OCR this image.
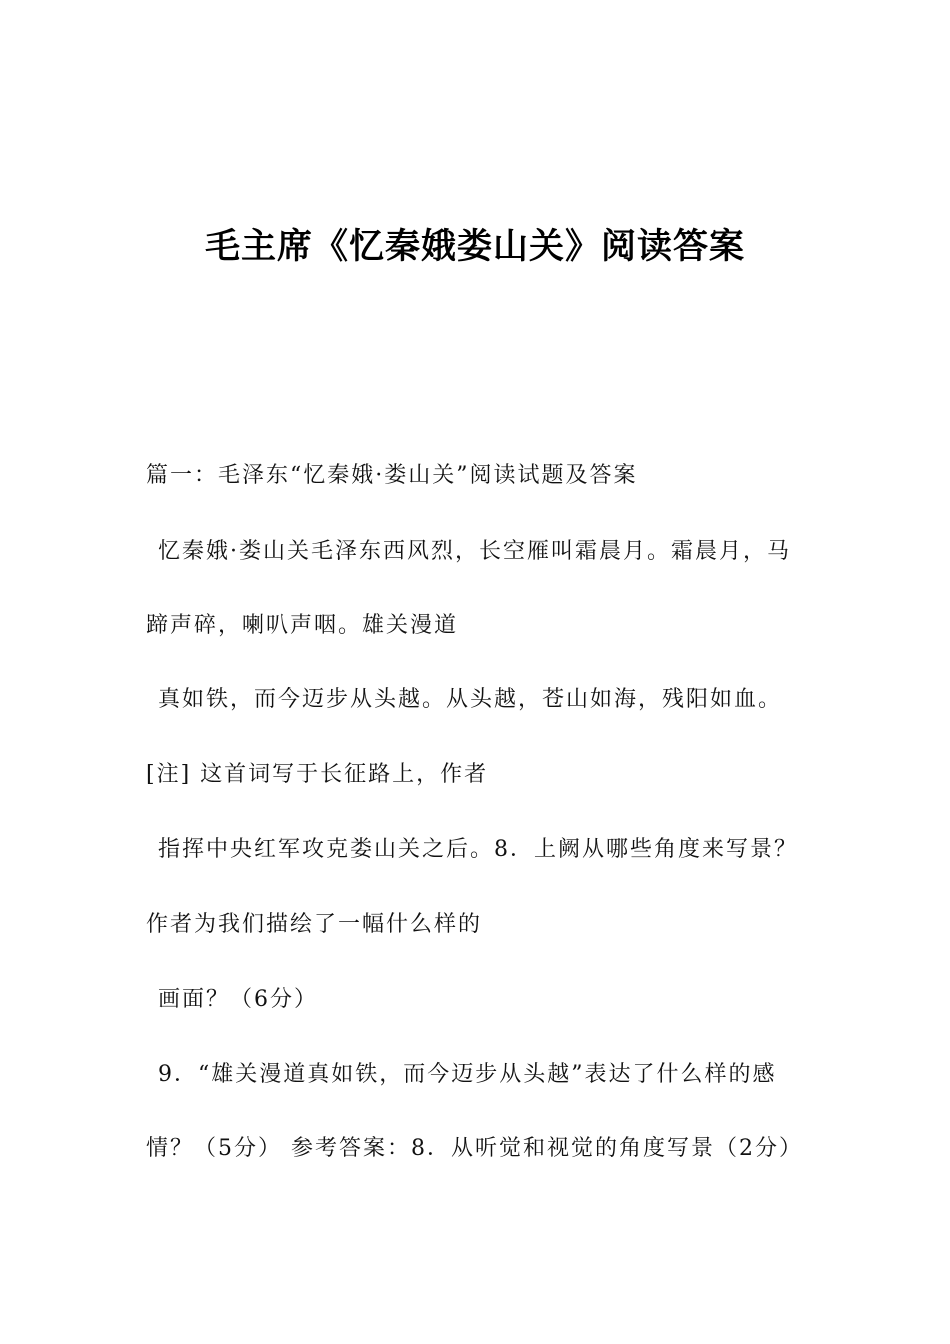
毛主席《忆秦娥娄山关》阅读答案
篇一：毛泽东“忆秦娥·娄山关”阅读试题及答案
忆秦娥·娄山关毛泽东西风烈，长空雁叫霜晨月。霜晨月，马
蹄声碎，喇叭声咽。雄关漫道
真如铁，而今迈步从头越。从头越，苍山如海，残阳如血。
[注] 这首词写于长征路上，作者
指挥中央红军攻克娄山关之后。8．上阙从哪些角度来写景？
作者为我们描绘了一幅什么样的
画面？（6分）
9．“雄关漫道真如铁，而今迈步从头越”表达了什么样的感
情？（5分） 参考答案：8．从听觉和视觉的角度写景（2分）
